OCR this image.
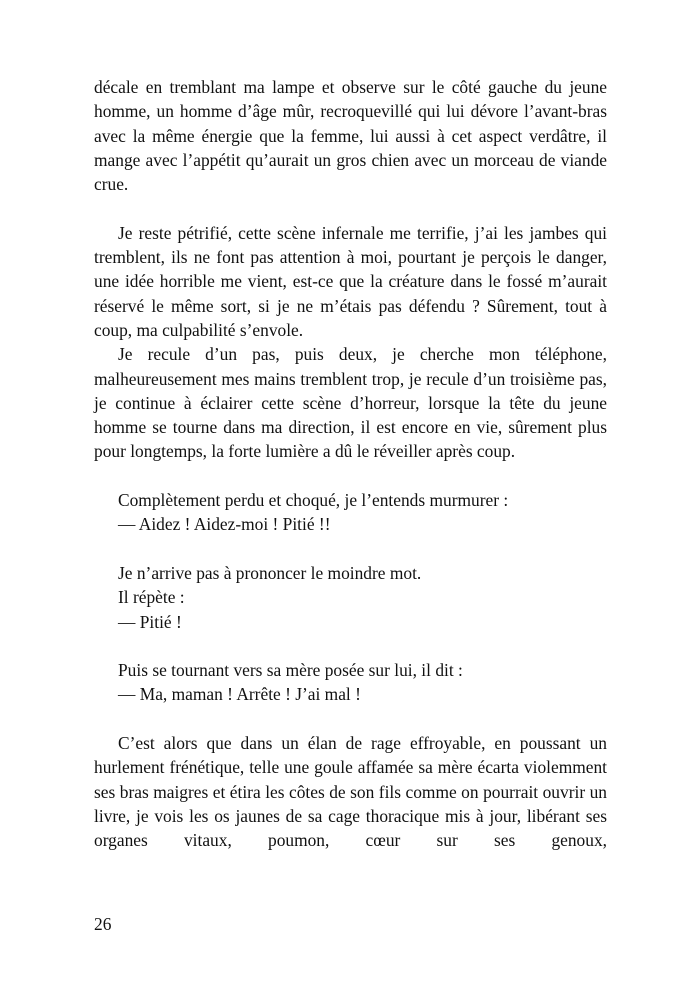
décale en tremblant ma lampe et observe sur le côté gauche du jeune homme, un homme d’âge mûr, recroquevillé qui lui dévore l’avant-bras avec la même énergie que la femme, lui aussi à cet aspect verdâtre, il mange avec l’appétit qu’aurait un gros chien avec un morceau de viande crue.

Je reste pétrifié, cette scène infernale me terrifie, j’ai les jambes qui tremblent, ils ne font pas attention à moi, pourtant je perçois le danger, une idée horrible me vient, est-ce que la créature dans le fossé m’aurait réservé le même sort, si je ne m’étais pas défendu ? Sûrement, tout à coup, ma culpabilité s’envole.

Je recule d’un pas, puis deux, je cherche mon téléphone, malheureusement mes mains tremblent trop, je recule d’un troisième pas, je continue à éclairer cette scène d’horreur, lorsque la tête du jeune homme se tourne dans ma direction, il est encore en vie, sûrement plus pour longtemps, la forte lumière a dû le réveiller après coup.

Complètement perdu et choqué, je l’entends murmurer :

— Aidez ! Aidez-moi ! Pitié !!

Je n’arrive pas à prononcer le moindre mot.

Il répète :

— Pitié !

Puis se tournant vers sa mère posée sur lui, il dit :

— Ma, maman ! Arrête ! J’ai mal !

C’est alors que dans un élan de rage effroyable, en poussant un hurlement frénétique, telle une goule affamée sa mère écarta violemment ses bras maigres et étira les côtes de son fils comme on pourrait ouvrir un livre, je vois les os jaunes de sa cage thoracique mis à jour, libérant ses organes vitaux, poumon, cœur sur ses genoux,

26
